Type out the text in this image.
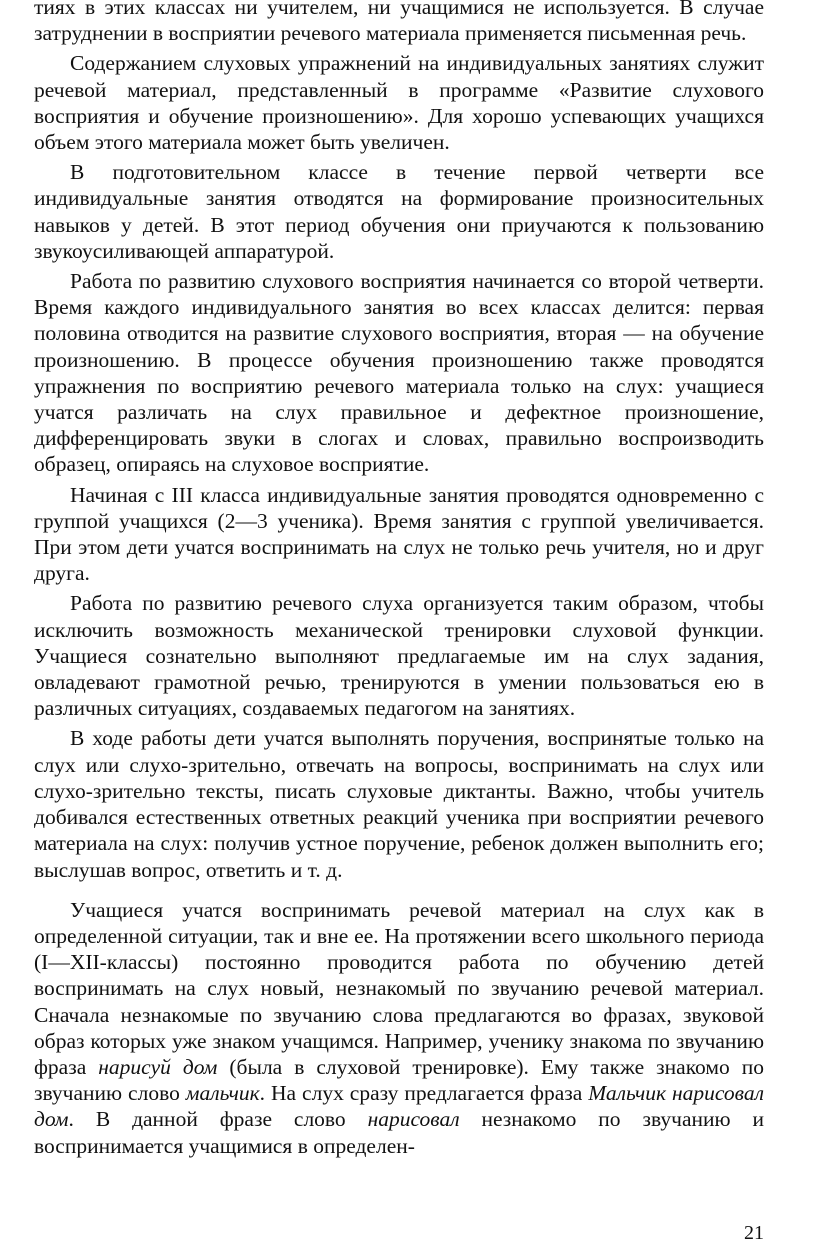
тиях в этих классах ни учителем, ни учащимися не используется. В случае затруднении в восприятии речевого материала применяется письменная речь.

Содержанием слуховых упражнений на индивидуальных занятиях служит речевой материал, представленный в программе «Развитие слухового восприятия и обучение произношению». Для хорошо успевающих учащихся объем этого материала может быть увеличен.

В подготовительном классе в течение первой четверти все индивидуальные занятия отводятся на формирование произносительных навыков у детей. В этот период обучения они приучаются к пользованию звукоусиливающей аппаратурой.

Работа по развитию слухового восприятия начинается со второй четверти. Время каждого индивидуального занятия во всех классах делится: первая половина отводится на развитие слухового восприятия, вторая — на обучение произношению. В процессе обучения произношению также проводятся упражнения по восприятию речевого материала только на слух: учащиеся учатся различать на слух правильное и дефектное произношение, дифференцировать звуки в слогах и словах, правильно воспроизводить образец, опираясь на слуховое восприятие.

Начиная с III класса индивидуальные занятия проводятся одновременно с группой учащихся (2—3 ученика). Время занятия с группой увеличивается. При этом дети учатся воспринимать на слух не только речь учителя, но и друг друга.

Работа по развитию речевого слуха организуется таким образом, чтобы исключить возможность механической тренировки слуховой функции. Учащиеся сознательно выполняют предлагаемые им на слух задания, овладевают грамотной речью, тренируются в умении пользоваться ею в различных ситуациях, создаваемых педагогом на занятиях.

В ходе работы дети учатся выполнять поручения, воспринятые только на слух или слухо-зрительно, отвечать на вопросы, воспринимать на слух или слухо-зрительно тексты, писать слуховые диктанты. Важно, чтобы учитель добивался естественных ответных реакций ученика при восприятии речевого материала на слух: получив устное поручение, ребенок должен выполнить его; выслушав вопрос, ответить и т. д.

Учащиеся учатся воспринимать речевой материал на слух как в определенной ситуации, так и вне ее. На протяжении всего школьного периода (I—XII-классы) постоянно проводится работа по обучению детей воспринимать на слух новый, незнакомый по звучанию речевой материал. Сначала незнакомые по звучанию слова предлагаются во фразах, звуковой образ которых уже знаком учащимся. Например, ученику знакома по звучанию фраза нарисуй дом (была в слуховой тренировке). Ему также знакомо по звучанию слово мальчик. На слух сразу предлагается фраза Мальчик нарисовал дом. В данной фразе слово нарисовал незнакомо по звучанию и воспринимается учащимися в определен-

21
